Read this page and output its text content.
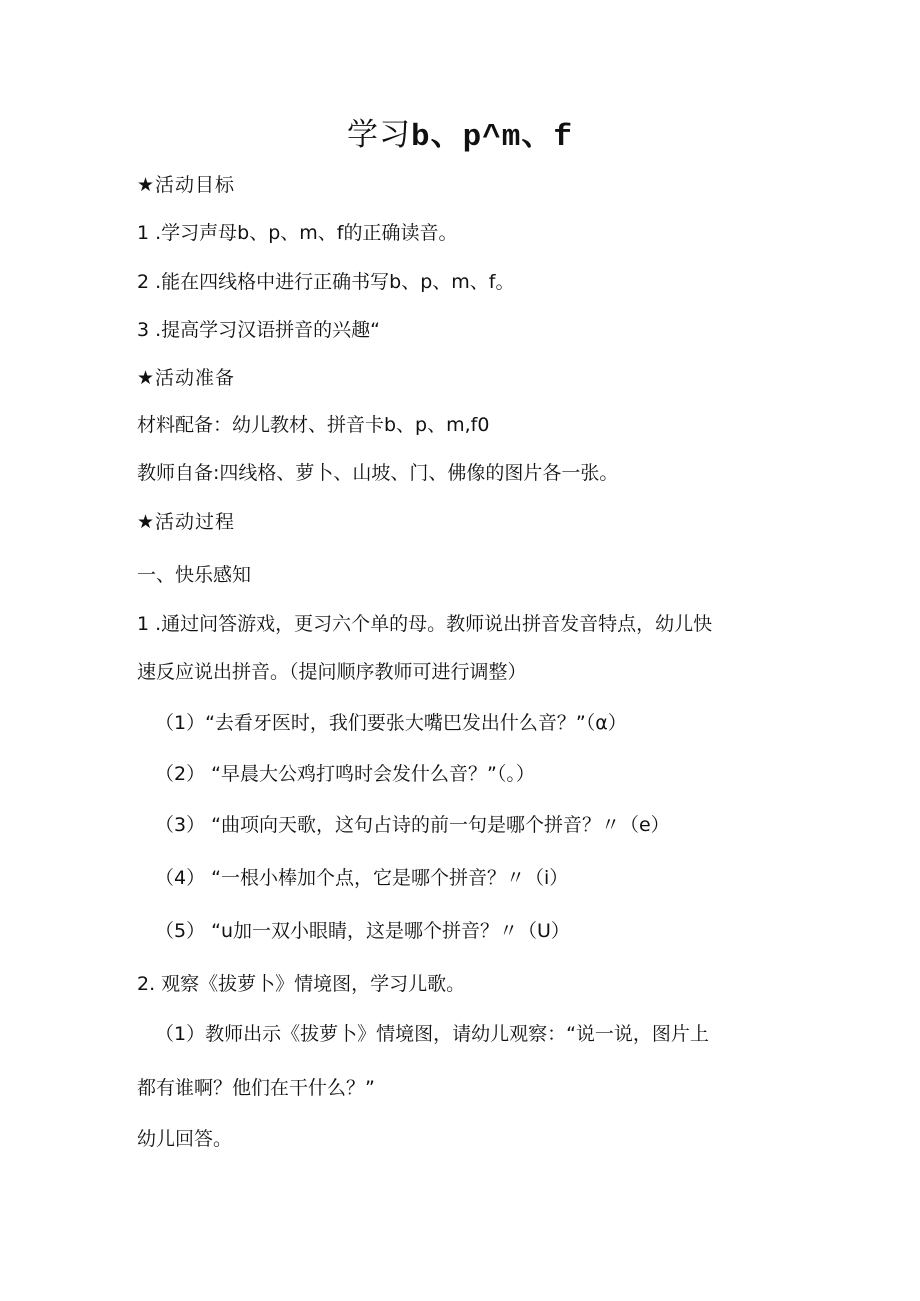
学习b、p^m、f
★活动目标
1 .学习声母b、p、m、f的正确读音。
2 .能在四线格中进行正确书写b、p、m、f。
3 .提高学习汉语拼音的兴趣“
★活动准备
材料配备：幼儿教材、拼音卡b、p、m,f0
教师自备:四线格、萝卜、山坡、门、佛像的图片各一张。
★活动过程
一、快乐感知
1 .通过问答游戏，更习六个单的母。教师说出拼音发音特点，幼儿快
速反应说出拼音。（提问顺序教师可进行调整）
（1）“去看牙医时，我们要张大嘴巴发出什么音？”（α）
（2） “早晨大公鸡打鸣时会发什么音？”（。）
（3） “曲项向天歌，这句占诗的前一句是哪个拼音？〃（e）
（4） “一根小棒加个点，它是哪个拼音？〃（i）
（5） “u加一双小眼睛，这是哪个拼音？〃（U）
2. 观察《拔萝卜》情境图，学习儿歌。
（1）教师出示《拔萝卜》情境图，请幼儿观察：“说一说，图片上
都有谁啊？他们在干什么？”
幼儿回答。
